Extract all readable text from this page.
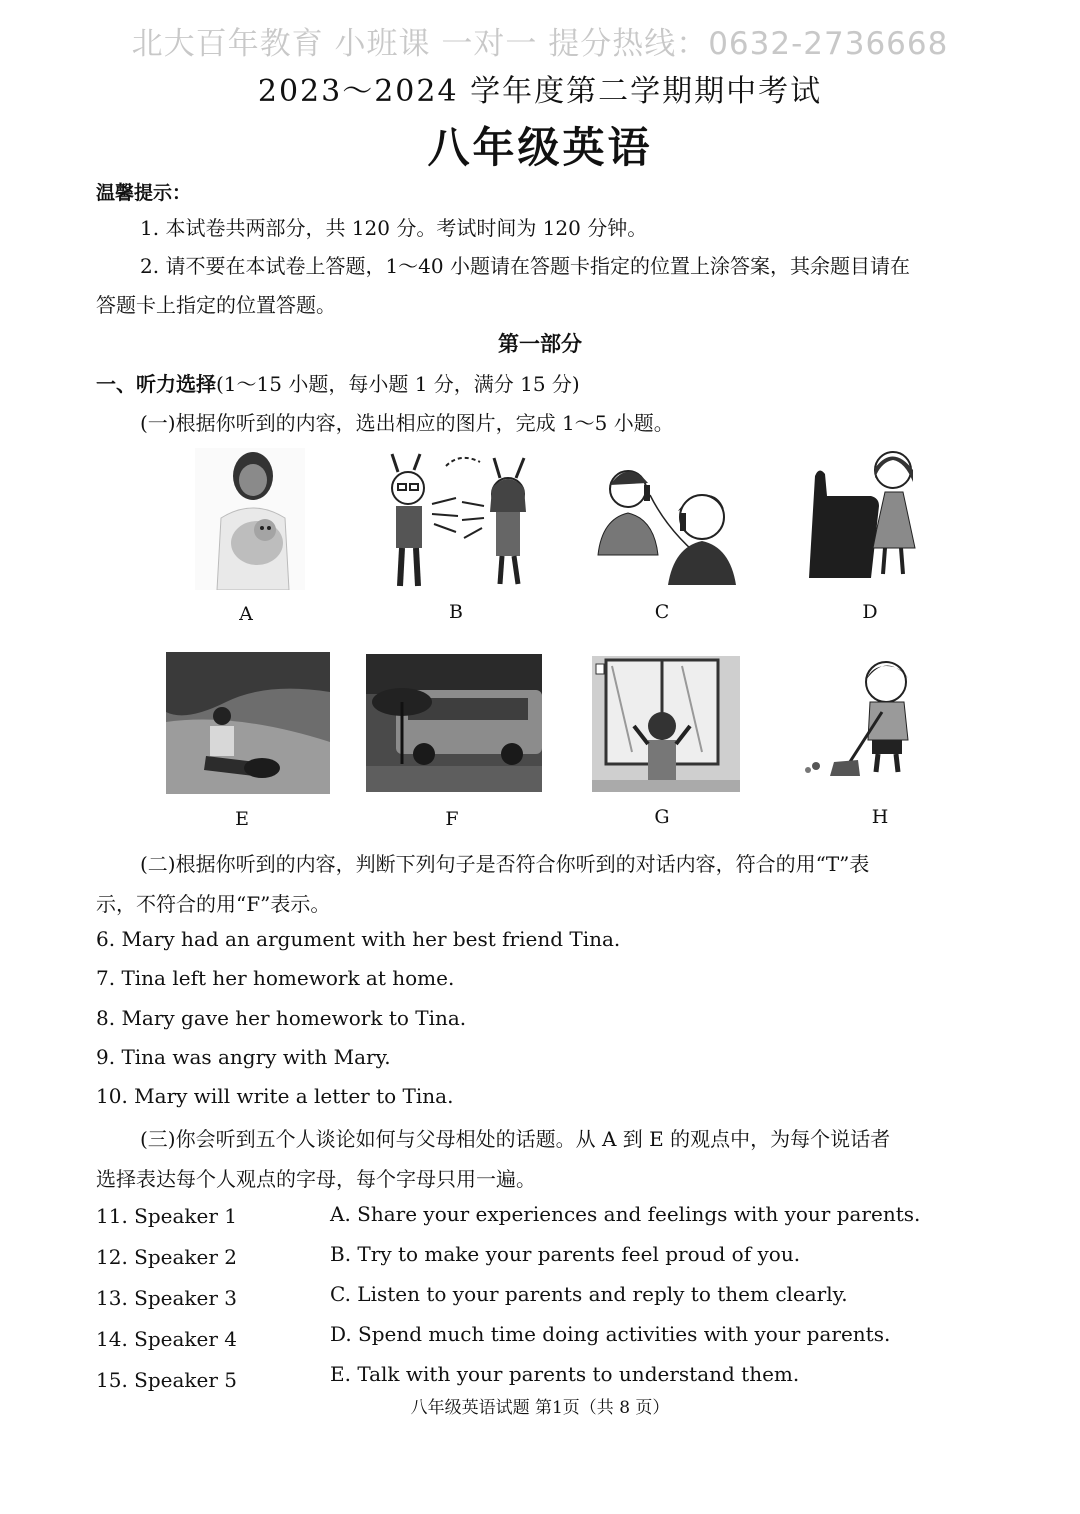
北大百年教育 小班课 一对一 提分热线：0632-2736668
2023～2024 学年度第二学期期中考试
八年级英语
温馨提示：
1. 本试卷共两部分，共 120 分。考试时间为 120 分钟。
2. 请不要在本试卷上答题，1～40 小题请在答题卡指定的位置上涂答案，其余题目请在
答题卡上指定的位置答题。
第一部分
一、听力选择(1～15 小题，每小题 1 分，满分 15 分)
(一)根据你听到的内容，选出相应的图片，完成 1～5 小题。
A	B	C	D
E	F	G	H
(二)根据你听到的内容，判断下列句子是否符合你听到的对话内容，符合的用“T”表
示，不符合的用“F”表示。
6. Mary had an argument with her best friend Tina.
7. Tina left her homework at home.
8. Mary gave her homework to Tina.
9. Tina was angry with Mary.
10. Mary will write a letter to Tina.
(三)你会听到五个人谈论如何与父母相处的话题。从 A 到 E 的观点中，为每个说话者
选择表达每个人观点的字母，每个字母只用一遍。
11. Speaker 1	A. Share your experiences and feelings with your parents.
12. Speaker 2	B. Try to make your parents feel proud of you.
13. Speaker 3	C. Listen to your parents and reply to them clearly.
14. Speaker 4	D. Spend much time doing activities with your parents.
15. Speaker 5	E. Talk with your parents to understand them.
八年级英语试题 第1页（共 8 页）
